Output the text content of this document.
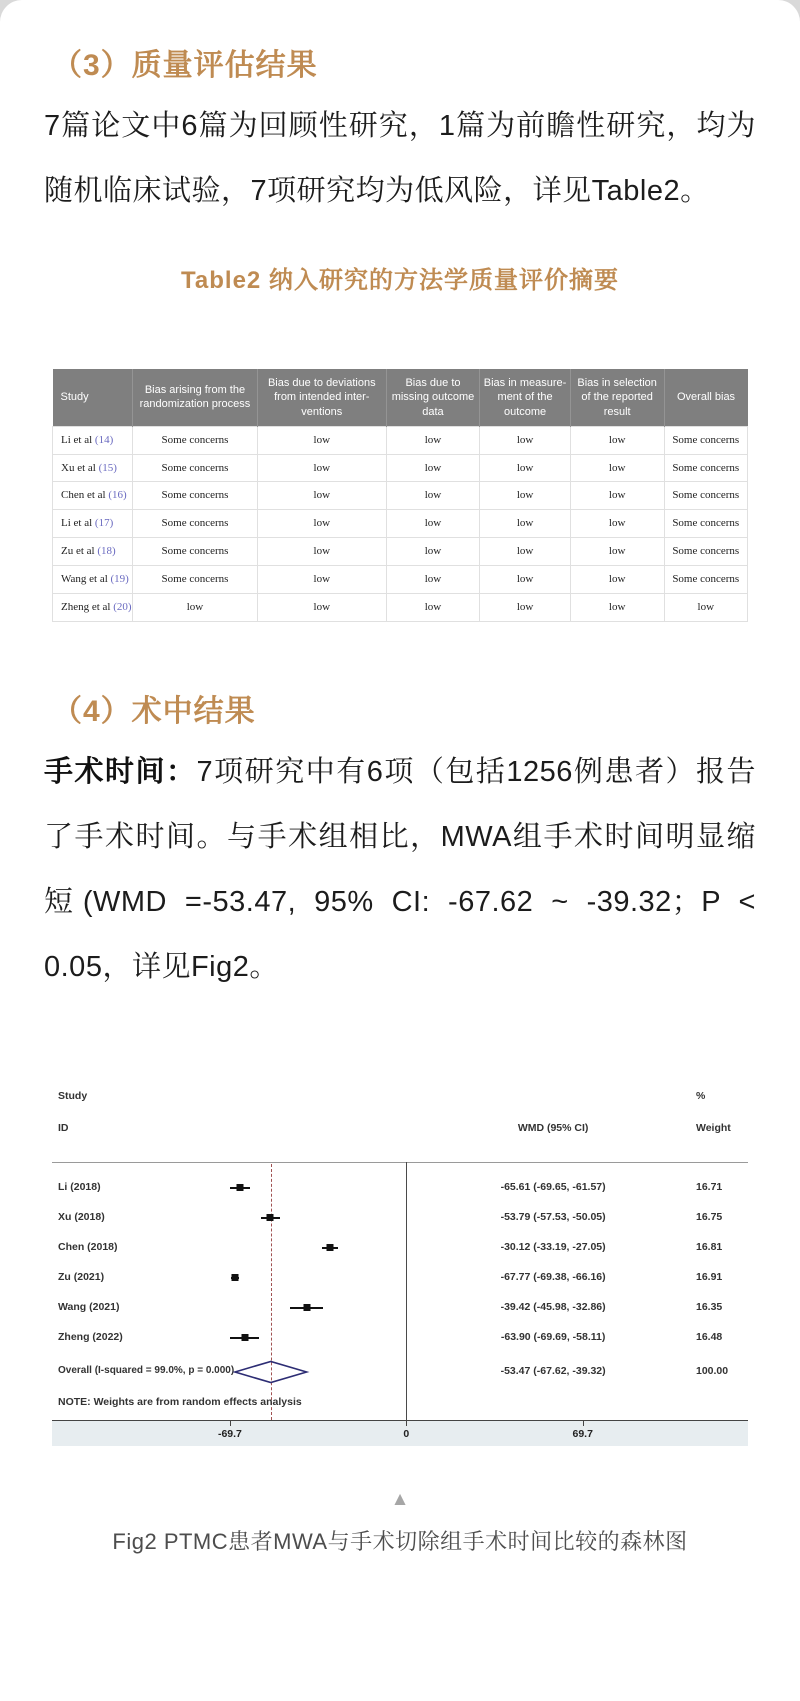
（3）质量评估结果

7篇论文中6篇为回顾性研究，1篇为前瞻性研究，均为随机临床试验，7项研究均为低风险，详见Table2。

Table2 纳入研究的方法学质量评价摘要
Study	Bias arising from the randomization process	Bias due to deviations from intended inter- ventions	Bias due to missing outcome data	Bias in measure- ment of the outcome	Bias in selection of the reported result	Overall bias
Li et al (14)	Some concerns	low	low	low	low	Some concerns
Xu et al (15)	Some concerns	low	low	low	low	Some concerns
Chen et al (16)	Some concerns	low	low	low	low	Some concerns
Li et al (17)	Some concerns	low	low	low	low	Some concerns
Zu et al (18)	Some concerns	low	low	low	low	Some concerns
Wang et al (19)	Some concerns	low	low	low	low	Some concerns
Zheng et al (20)	low	low	low	low	low	low
（4）术中结果

手术时间：7项研究中有6项（包括1256例患者）报告了手术时间。与手术组相比，MWA组手术时间明显缩短(WMD =-53.47, 95% CI: -67.62 ~ -39.32；P < 0.05，详见Fig2。

Study
ID	WMD (95% CI)
%
Weight
Li (2018)	-65.61 (-69.65, -61.57)	16.71
Xu (2018)	-53.79 (-57.53, -50.05)	16.75
Chen (2018)	-30.12 (-33.19, -27.05)	16.81
Zu (2021)	-67.77 (-69.38, -66.16)	16.91
Wang (2021)	-39.42 (-45.98, -32.86)	16.35
Zheng (2022)	-63.90 (-69.69, -58.11)	16.48
Overall (I-squared = 99.0%, p = 0.000)	-53.47 (-67.62, -39.32)	100.00
NOTE: Weights are from random effects analysis
-69.7	0	69.7
▲

Fig2 PTMC患者MWA与手术切除组手术时间比较的森林图
